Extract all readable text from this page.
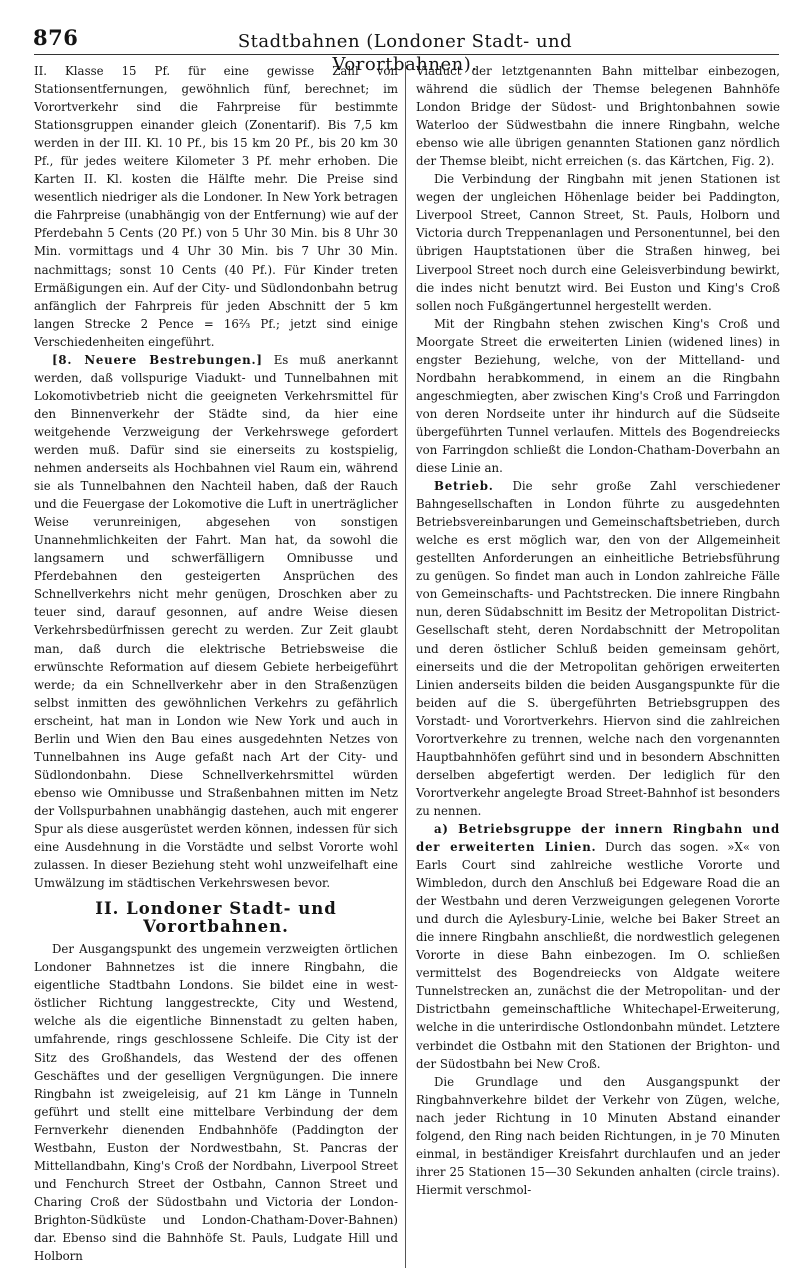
876	Stadtbahnen (Londoner Stadt- und Vorortbahnen).

II. Klasse 15 Pf. für eine gewisse Zahl von Stationsentfernungen, gewöhnlich fünf, berechnet; im Vorortverkehr sind die Fahrpreise für bestimmte Stationsgruppen einander gleich (Zonentarif). Bis 7,5 km werden in der III. Kl. 10 Pf., bis 15 km 20 Pf., bis 20 km 30 Pf., für jedes weitere Kilometer 3 Pf. mehr erhoben. Die Karten II. Kl. kosten die Hälfte mehr. Die Preise sind wesentlich niedriger als die Londoner. In New York betragen die Fahrpreise (unabhängig von der Entfernung) wie auf der Pferdebahn 5 Cents (20 Pf.) von 5 Uhr 30 Min. bis 8 Uhr 30 Min. vormittags und 4 Uhr 30 Min. bis 7 Uhr 30 Min. nachmittags; sonst 10 Cents (40 Pf.). Für Kinder treten Ermäßigungen ein. Auf der City- und Südlondonbahn betrug anfänglich der Fahrpreis für jeden Abschnitt der 5 km langen Strecke 2 Pence = 16⅔ Pf.; jetzt sind einige Verschiedenheiten eingeführt.

[8. Neuere Bestrebungen.] Es muß anerkannt werden, daß vollspurige Viadukt- und Tunnelbahnen mit Lokomotivbetrieb nicht die geeigneten Verkehrsmittel für den Binnenverkehr der Städte sind, da hier eine weitgehende Verzweigung der Verkehrswege gefordert werden muß. Dafür sind sie einerseits zu kostspielig, nehmen anderseits als Hochbahnen viel Raum ein, während sie als Tunnelbahnen den Nachteil haben, daß der Rauch und die Feuergase der Lokomotive die Luft in unerträglicher Weise verunreinigen, abgesehen von sonstigen Unannehmlichkeiten der Fahrt. Man hat, da sowohl die langsamern und schwerfälligern Omnibusse und Pferdebahnen den gesteigerten Ansprüchen des Schnellverkehrs nicht mehr genügen, Droschken aber zu teuer sind, darauf gesonnen, auf andre Weise diesen Verkehrsbedürfnissen gerecht zu werden. Zur Zeit glaubt man, daß durch die elektrische Betriebsweise die erwünschte Reformation auf diesem Gebiete herbeigeführt werde; da ein Schnellverkehr aber in den Straßenzügen selbst inmitten des gewöhnlichen Verkehrs zu gefährlich erscheint, hat man in London wie New York und auch in Berlin und Wien den Bau eines ausgedehnten Netzes von Tunnelbahnen ins Auge gefaßt nach Art der City- und Südlondonbahn. Diese Schnellverkehrsmittel würden ebenso wie Omnibusse und Straßenbahnen mitten im Netz der Vollspurbahnen unabhängig dastehen, auch mit engerer Spur als diese ausgerüstet werden können, indessen für sich eine Ausdehnung in die Vorstädte und selbst Vororte wohl zulassen. In dieser Beziehung steht wohl unzweifelhaft eine Umwälzung im städtischen Verkehrswesen bevor.

II. Londoner Stadt- und Vorortbahnen.

Der Ausgangspunkt des ungemein verzweigten örtlichen Londoner Bahnnetzes ist die innere Ringbahn, die eigentliche Stadtbahn Londons. Sie bildet eine in west-östlicher Richtung langgestreckte, City und Westend, welche als die eigentliche Binnenstadt zu gelten haben, umfahrende, rings geschlossene Schleife. Die City ist der Sitz des Großhandels, das Westend der des offenen Geschäftes und der geselligen Vergnügungen. Die innere Ringbahn ist zweigeleisig, auf 21 km Länge in Tunneln geführt und stellt eine mittelbare Verbindung der dem Fernverkehr dienenden Endbahnhöfe (Paddington der Westbahn, Euston der Nordwestbahn, St. Pancras der Mittellandbahn, King's Croß der Nordbahn, Liverpool Street und Fenchurch Street der Ostbahn, Cannon Street und Charing Croß der Südostbahn und Victoria der London-Brighton-Südküste und London-Chatham-Dover-Bahnen) dar. Ebenso sind die Bahnhöfe St. Pauls, Ludgate Hill und Holborn

Viaduct der letztgenannten Bahn mittelbar einbezogen, während die südlich der Themse belegenen Bahnhöfe London Bridge der Südost- und Brightonbahnen sowie Waterloo der Südwestbahn die innere Ringbahn, welche ebenso wie alle übrigen genannten Stationen ganz nördlich der Themse bleibt, nicht erreichen (s. das Kärtchen, Fig. 2).

Die Verbindung der Ringbahn mit jenen Stationen ist wegen der ungleichen Höhenlage beider bei Paddington, Liverpool Street, Cannon Street, St. Pauls, Holborn und Victoria durch Treppenanlagen und Personentunnel, bei den übrigen Hauptstationen über die Straßen hinweg, bei Liverpool Street noch durch eine Geleisverbindung bewirkt, die indes nicht benutzt wird. Bei Euston und King's Croß sollen noch Fußgängertunnel hergestellt werden.

Mit der Ringbahn stehen zwischen King's Croß und Moorgate Street die erweiterten Linien (widened lines) in engster Beziehung, welche, von der Mittelland- und Nordbahn herabkommend, in einem an die Ringbahn angeschmiegten, aber zwischen King's Croß und Farringdon von deren Nordseite unter ihr hindurch auf die Südseite übergeführten Tunnel verlaufen. Mittels des Bogendreiecks von Farringdon schließt die London-Chatham-Doverbahn an diese Linie an.

Betrieb. Die sehr große Zahl verschiedener Bahngesellschaften in London führte zu ausgedehnten Betriebsvereinbarungen und Gemeinschaftsbetrieben, durch welche es erst möglich war, den von der Allgemeinheit gestellten Anforderungen an einheitliche Betriebsführung zu genügen. So findet man auch in London zahlreiche Fälle von Gemeinschafts- und Pachtstrecken. Die innere Ringbahn nun, deren Südabschnitt im Besitz der Metropolitan District-Gesellschaft steht, deren Nordabschnitt der Metropolitan und deren östlicher Schluß beiden gemeinsam gehört, einerseits und die der Metropolitan gehörigen erweiterten Linien anderseits bilden die beiden Ausgangspunkte für die beiden auf die S. übergeführten Betriebsgruppen des Vorstadt- und Vorortverkehrs. Hiervon sind die zahlreichen Vorortverkehre zu trennen, welche nach den vorgenannten Hauptbahnhöfen geführt sind und in besondern Abschnitten derselben abgefertigt werden. Der lediglich für den Vorortverkehr angelegte Broad Street-Bahnhof ist besonders zu nennen.

a) Betriebsgruppe der innern Ringbahn und der erweiterten Linien. Durch das sogen. »X« von Earls Court sind zahlreiche westliche Vororte und Wimbledon, durch den Anschluß bei Edgeware Road die an der Westbahn und deren Verzweigungen gelegenen Vororte und durch die Aylesbury-Linie, welche bei Baker Street an die innere Ringbahn anschließt, die nordwestlich gelegenen Vororte in diese Bahn einbezogen. Im O. schließen vermittelst des Bogendreiecks von Aldgate weitere Tunnelstrecken an, zunächst die der Metropolitan- und der Districtbahn gemeinschaftliche Whitechapel-Erweiterung, welche in die unterirdische Ostlondonbahn mündet. Letztere verbindet die Ostbahn mit den Stationen der Brighton- und der Südostbahn bei New Croß.

Die Grundlage und den Ausgangspunkt der Ringbahnverkehre bildet der Verkehr von Zügen, welche, nach jeder Richtung in 10 Minuten Abstand einander folgend, den Ring nach beiden Richtungen, in je 70 Minuten einmal, in beständiger Kreisfahrt durchlaufen und an jeder ihrer 25 Stationen 15—30 Sekunden anhalten (circle trains). Hiermit verschmol-
